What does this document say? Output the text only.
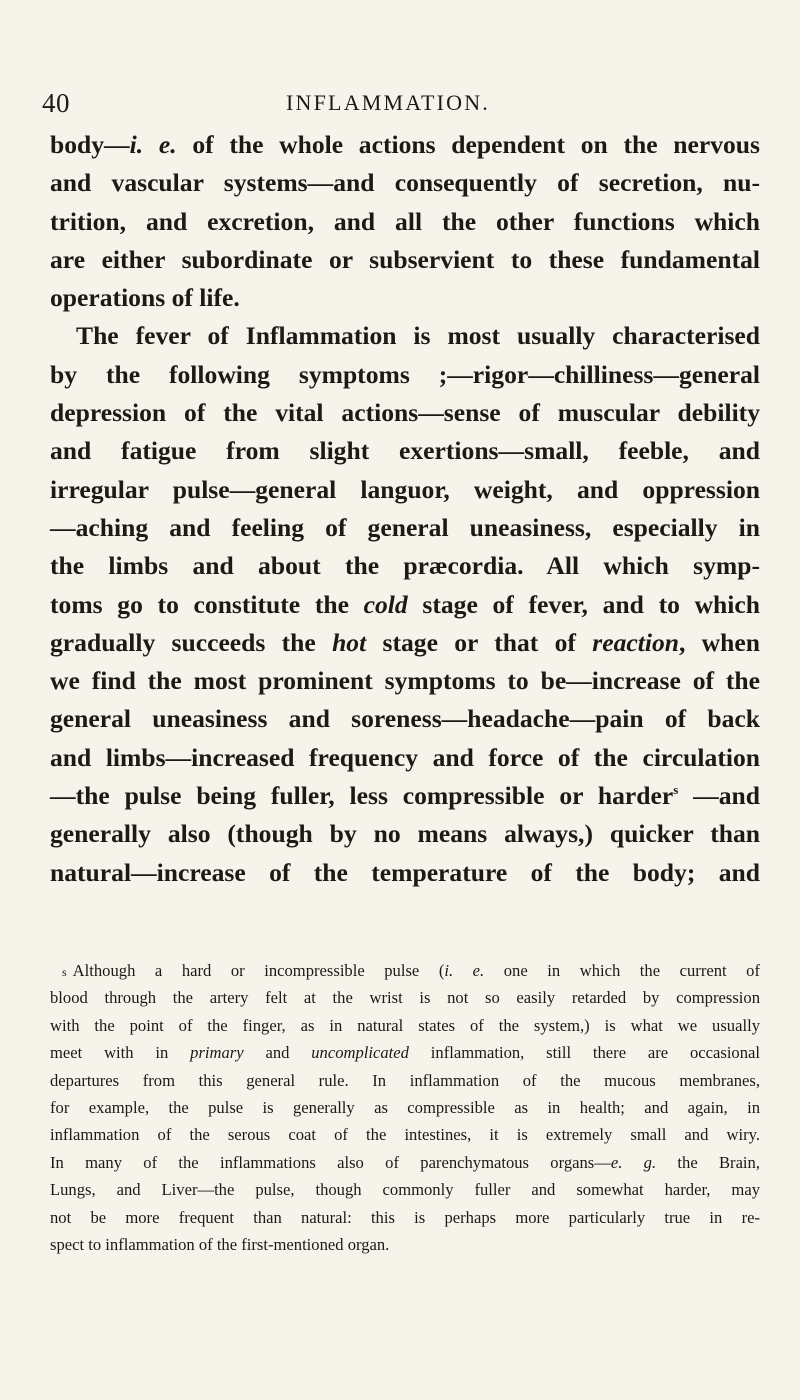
40	INFLAMMATION.
body—i. e. of the whole actions dependent on the nervous
and vascular systems—and consequently of secretion, nu-
trition, and excretion, and all the other functions which
are either subordinate or subservient to these fundamental
operations of life.
The fever of Inflammation is most usually characterised
by the following symptoms ;—rigor—chilliness—general
depression of the vital actions—sense of muscular debility
and fatigue from slight exertions—small, feeble, and
irregular pulse—general languor, weight, and oppression
—aching and feeling of general uneasiness, especially in
the limbs and about the præcordia. All which symp-
toms go to constitute the cold stage of fever, and to which
gradually succeeds the hot stage or that of reaction, when
we find the most prominent symptoms to be—increase of the
general uneasiness and soreness—headache—pain of back
and limbs—increased frequency and force of the circulation
—the pulse being fuller, less compressible or harder$^s$ —and
generally also (though by no means always,) quicker than
natural—increase of the temperature of the body; and
s Although a hard or incompressible pulse (i. e. one in which the current of
blood through the artery felt at the wrist is not so easily retarded by compression
with the point of the finger, as in natural states of the system,) is what we usually
meet with in primary and uncomplicated inflammation, still there are occasional
departures from this general rule. In inflammation of the mucous membranes,
for example, the pulse is generally as compressible as in health; and again, in
inflammation of the serous coat of the intestines, it is extremely small and wiry.
In many of the inflammations also of parenchymatous organs—e. g. the Brain,
Lungs, and Liver—the pulse, though commonly fuller and somewhat harder, may
not be more frequent than natural: this is perhaps more particularly true in re-
spect to inflammation of the first-mentioned organ.
